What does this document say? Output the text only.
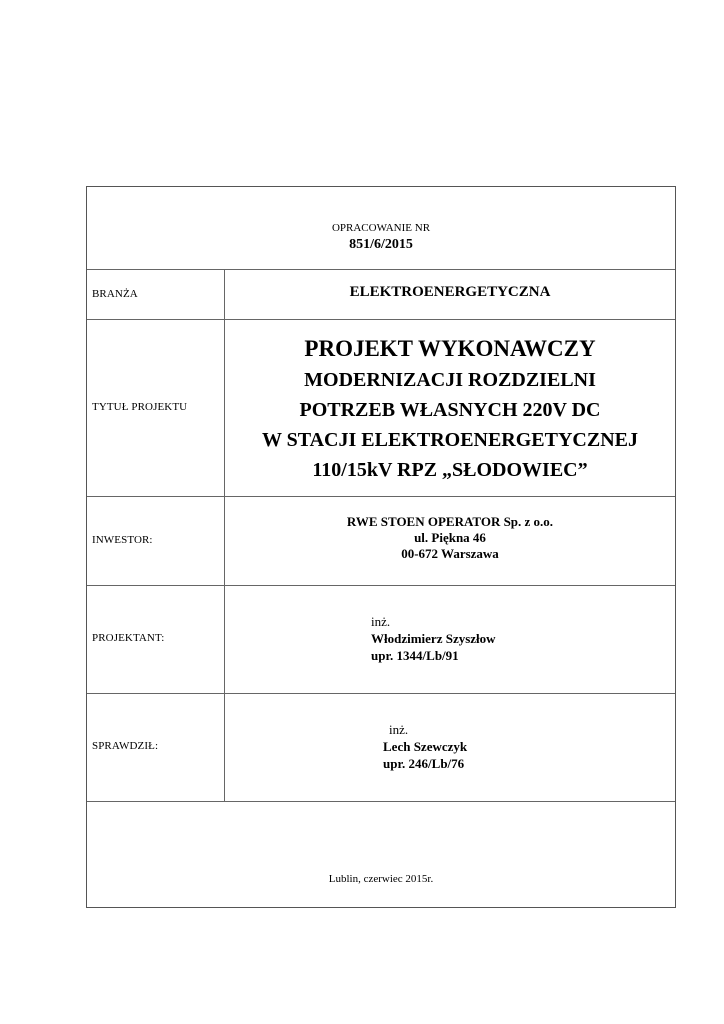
OPRACOWANIE NR
851/6/2015
BRANŻA	ELEKTROENERGETYCZNA
TYTUŁ PROJEKTU
PROJEKT WYKONAWCZY
MODERNIZACJI ROZDZIELNI
POTRZEB WŁASNYCH 220V DC
W STACJI ELEKTROENERGETYCZNEJ
110/15kV RPZ „SŁODOWIEC”
INWESTOR:
RWE STOEN OPERATOR Sp. z o.o.
ul. Piękna 46
00-672 Warszawa
PROJEKTANT:
inż.
Włodzimierz Szyszłow
upr. 1344/Lb/91
SPRAWDZIŁ:
inż.
Lech Szewczyk
upr. 246/Lb/76
Lublin, czerwiec 2015r.
